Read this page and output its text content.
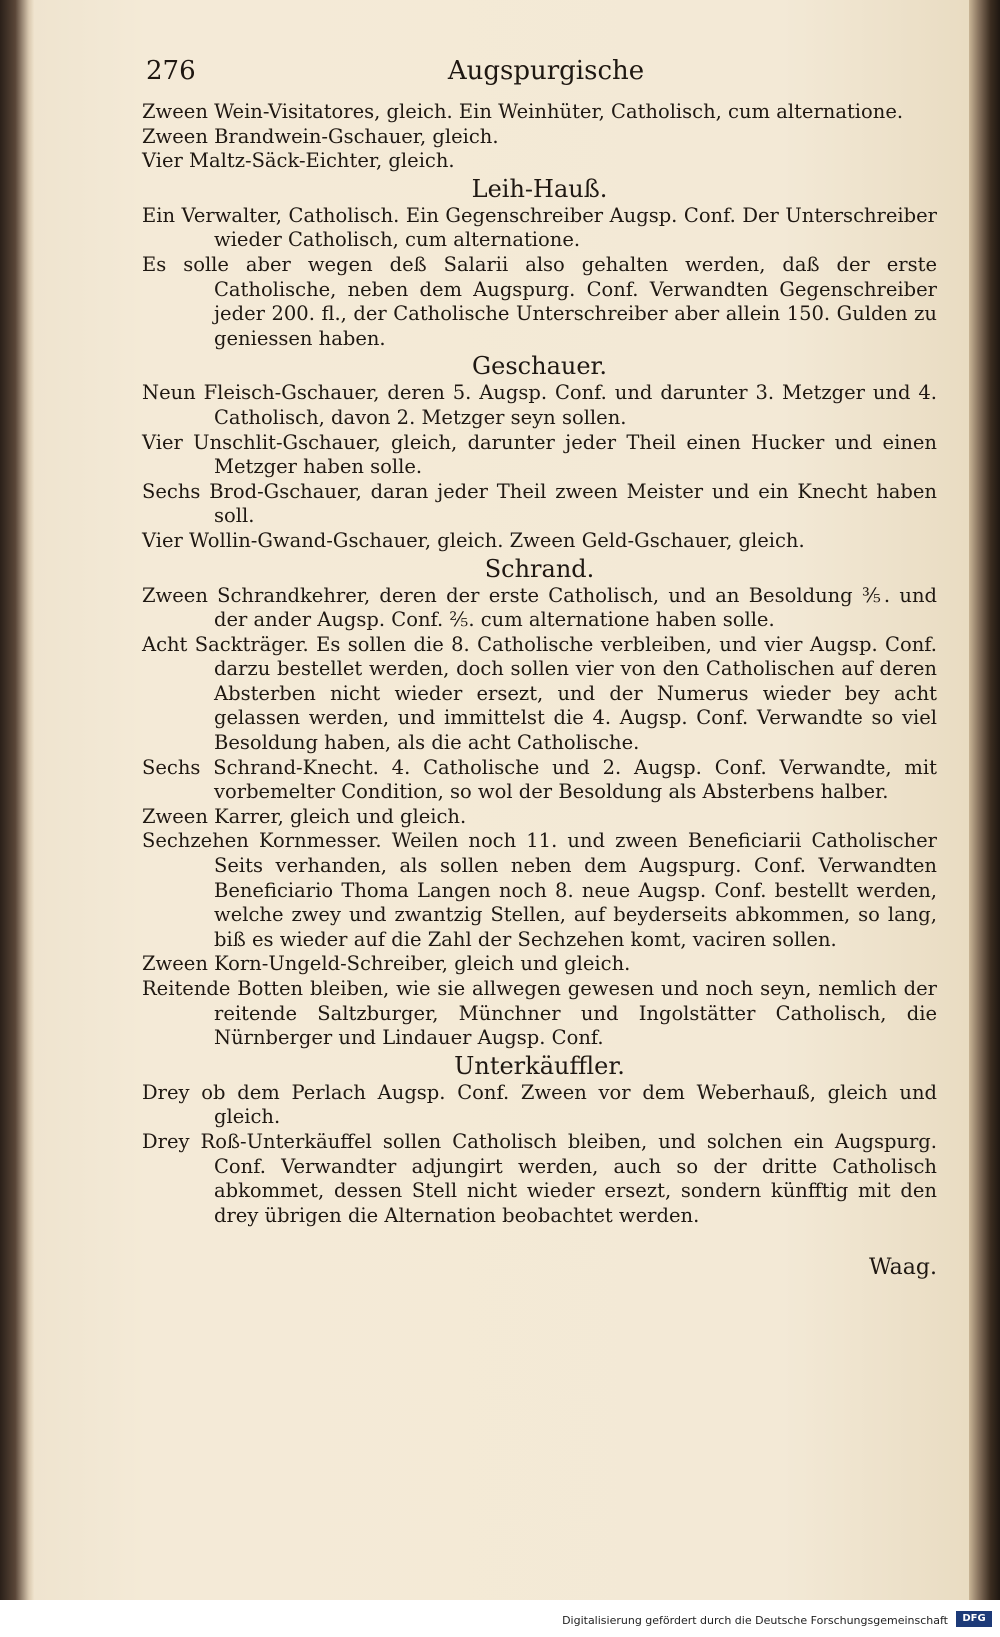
Augspurgische
276
Zween Wein-Visitatores, gleich. Ein Weinhüter, Catholisch, cum alternatione.
Zween Brandwein-Gschauer, gleich.
Vier Maltz-Säck-Eichter, gleich.
Leih-Hauß.
Ein Verwalter, Catholisch. Ein Gegenschreiber Augsp. Conf. Der Unterschreiber wieder Catholisch, cum alternatione.
Es solle aber wegen deß Salarii also gehalten werden, daß der erste Catholische, neben dem Augspurg. Conf. Verwandten Gegenschreiber jeder 200. fl., der Catholische Unterschreiber aber allein 150. Gulden zu geniessen haben.
Geschauer.
Neun Fleisch-Gschauer, deren 5. Augsp. Conf. und darunter 3. Metzger und 4. Catholisch, davon 2. Metzger seyn sollen.
Vier Unschlit-Gschauer, gleich, darunter jeder Theil einen Hucker und einen Metzger haben solle.
Sechs Brod-Gschauer, daran jeder Theil zween Meister und ein Knecht haben soll.
Vier Wollin-Gwand-Gschauer, gleich. Zween Geld-Gschauer, gleich.
Schrand.
Zween Schrandkehrer, deren der erste Catholisch, und an Besoldung ⅗. und der ander Augsp. Conf. ⅖. cum alternatione haben solle.
Acht Sackträger. Es sollen die 8. Catholische verbleiben, und vier Augsp. Conf. darzu bestellet werden, doch sollen vier von den Catholischen auf deren Absterben nicht wieder ersezt, und der Numerus wieder bey acht gelassen werden, und immittelst die 4. Augsp. Conf. Verwandte so viel Besoldung haben, als die acht Catholische.
Sechs Schrand-Knecht. 4. Catholische und 2. Augsp. Conf. Verwandte, mit vorbemelter Condition, so wol der Besoldung als Absterbens halber.
Zween Karrer, gleich und gleich.
Sechzehen Kornmesser. Weilen noch 11. und zween Beneficiarii Catholischer Seits verhanden, als sollen neben dem Augspurg. Conf. Verwandten Beneficiario Thoma Langen noch 8. neue Augsp. Conf. bestellt werden, welche zwey und zwantzig Stellen, auf beyderseits abkommen, so lang, biß es wieder auf die Zahl der Sechzehen komt, vaciren sollen.
Zween Korn-Ungeld-Schreiber, gleich und gleich.
Reitende Botten bleiben, wie sie allwegen gewesen und noch seyn, nemlich der reitende Saltzburger, Münchner und Ingolstätter Catholisch, die Nürnberger und Lindauer Augsp. Conf.
Unterkäuffler.
Drey ob dem Perlach Augsp. Conf. Zween vor dem Weberhauß, gleich und gleich.
Drey Roß-Unterkäuffel sollen Catholisch bleiben, und solchen ein Augspurg. Conf. Verwandter adjungirt werden, auch so der dritte Catholisch abkommet, dessen Stell nicht wieder ersezt, sondern künfftig mit den drey übrigen die Alternation beobachtet werden.
Waag.
Digitalisierung gefördert durch die Deutsche Forschungsgemeinschaft	DFG
